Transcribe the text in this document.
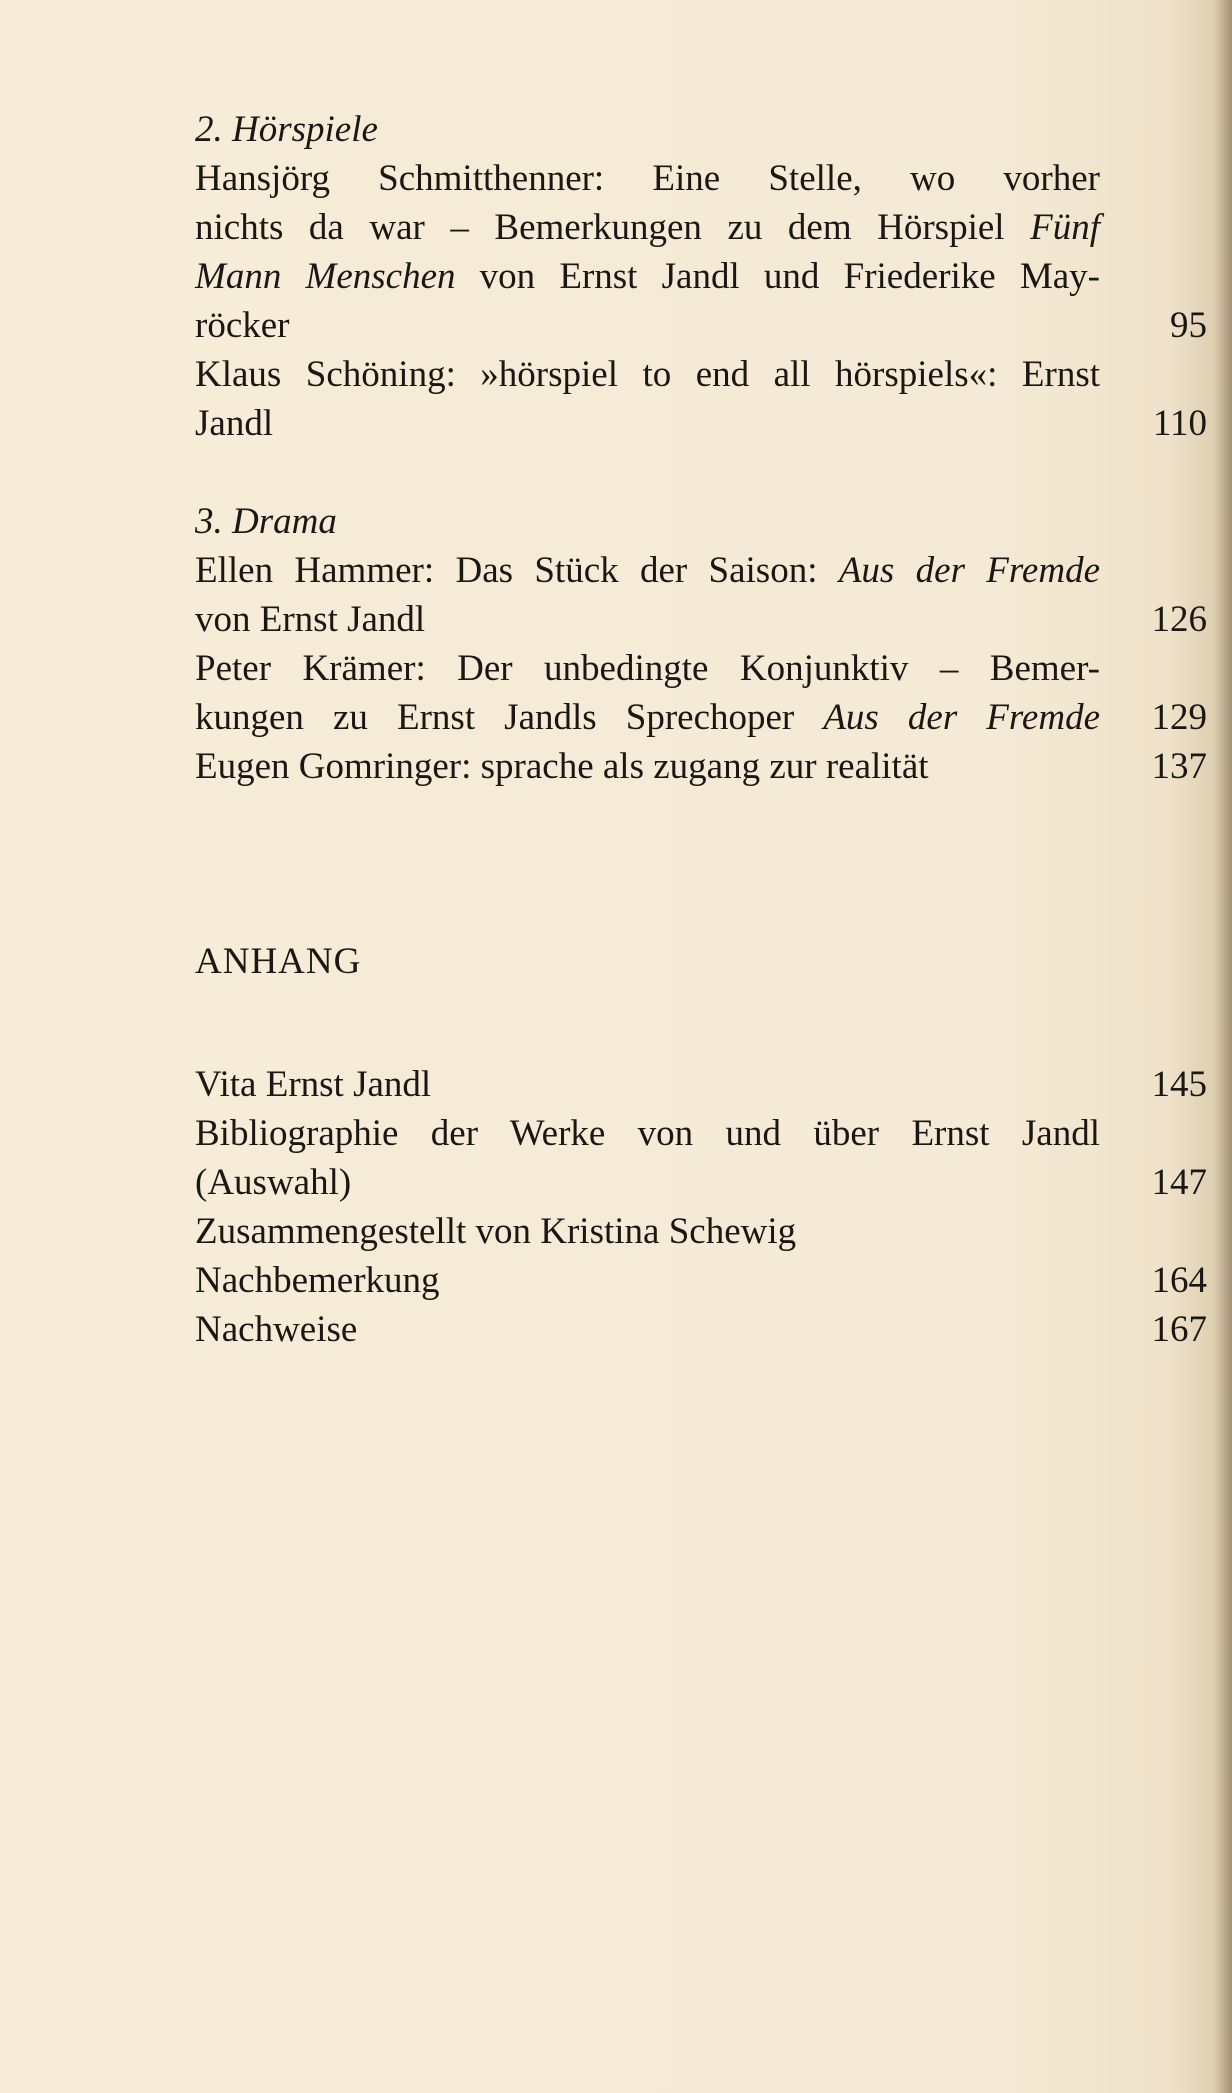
2. Hörspiele
Hansjörg Schmitthenner: Eine Stelle, wo vorher
nichts da war – Bemerkungen zu dem Hörspiel Fünf
Mann Menschen von Ernst Jandl und Friederike May-
röcker	95
Klaus Schöning: »hörspiel to end all hörspiels«: Ernst
Jandl	110
3. Drama
Ellen Hammer: Das Stück der Saison: Aus der Fremde
von Ernst Jandl	126
Peter Krämer: Der unbedingte Konjunktiv – Bemer-
kungen zu Ernst Jandls Sprechoper Aus der Fremde	129
Eugen Gomringer: sprache als zugang zur realität	137
ANHANG
Vita Ernst Jandl	145
Bibliographie der Werke von und über Ernst Jandl
(Auswahl)	147
Zusammengestellt von Kristina Schewig
Nachbemerkung	164
Nachweise	167
